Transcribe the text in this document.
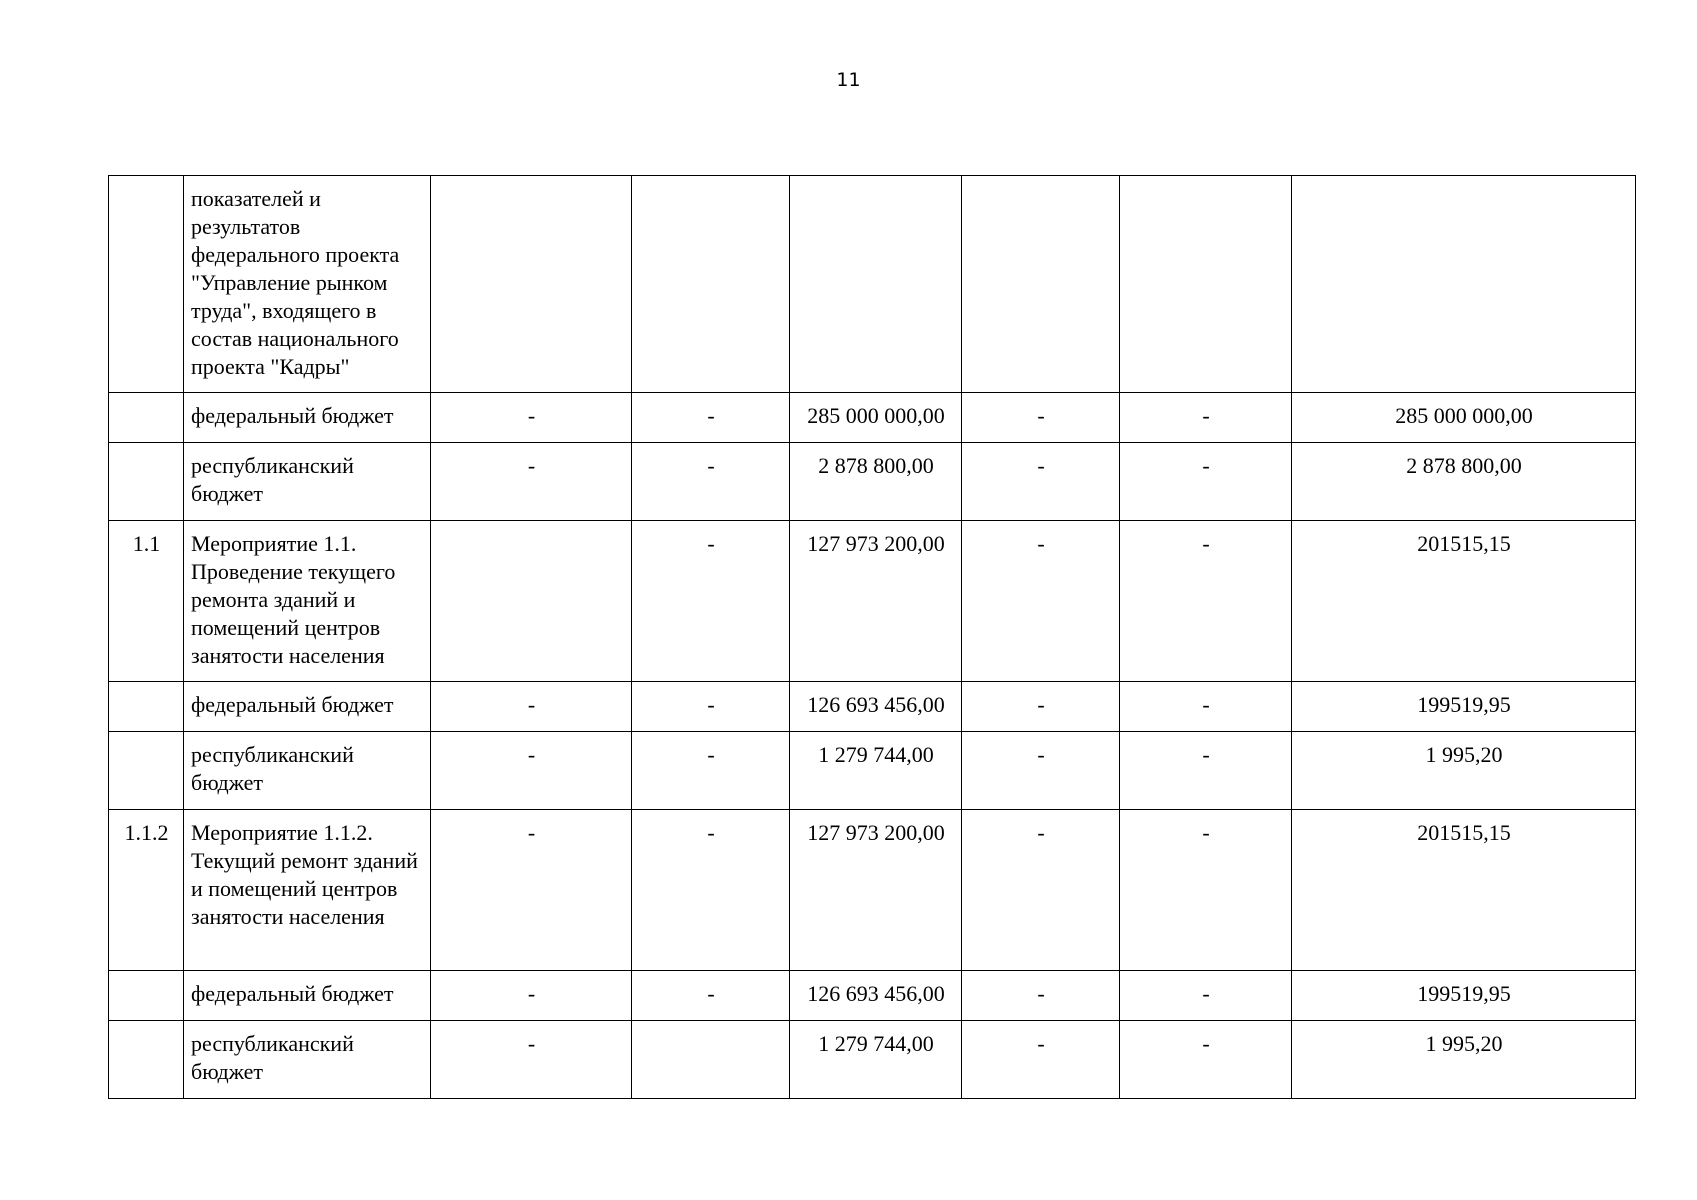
11
	показателей и результатов федерального проекта "Управление рынком труда", входящего в состав национального проекта "Кадры"						
	федеральный бюджет	-	-	285 000 000,00	-	-	285 000 000,00
	республиканский бюджет	-	-	2 878 800,00	-	-	2 878 800,00
1.1	Мероприятие 1.1. Проведение текущего ремонта зданий и помещений центров занятости населения		-	127 973 200,00	-	-	201515,15
	федеральный бюджет	-	-	126 693 456,00	-	-	199519,95
	республиканский бюджет	-	-	1 279 744,00	-	-	1 995,20
1.1.2	Мероприятие 1.1.2. Текущий ремонт зданий и помещений центров занятости населения	-	-	127 973 200,00	-	-	201515,15
	федеральный бюджет	-	-	126 693 456,00	-	-	199519,95
	республиканский бюджет	-		1 279 744,00	-	-	1 995,20
